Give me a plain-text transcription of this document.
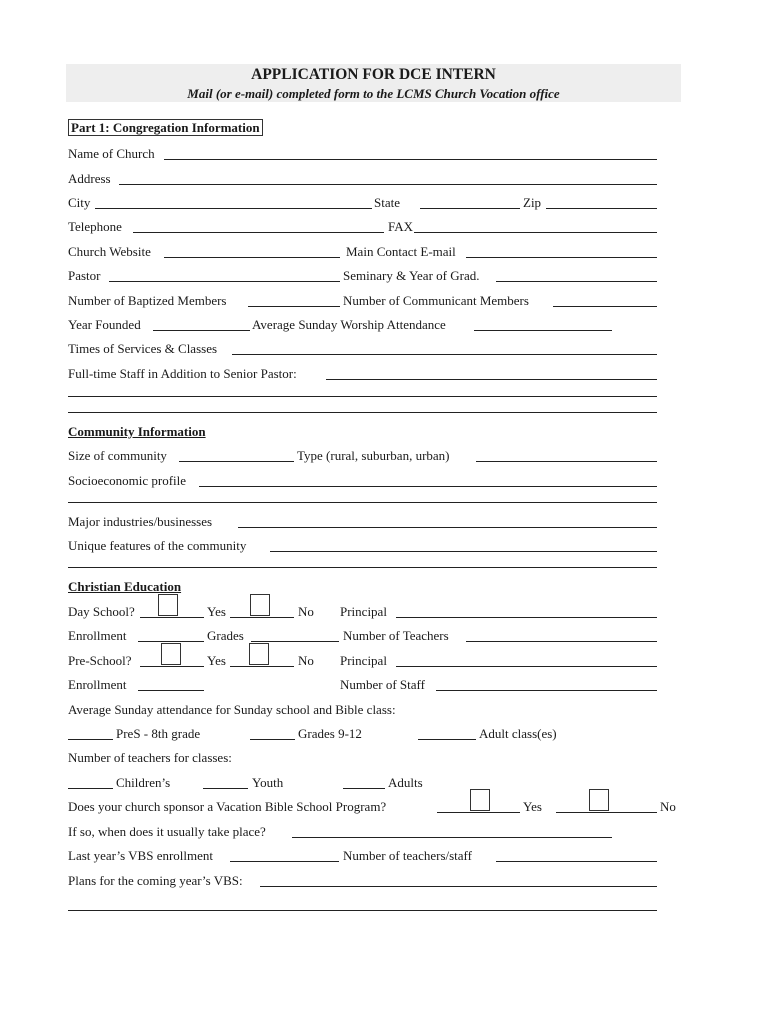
APPLICATION FOR DCE INTERN
Mail (or e-mail) completed form to the LCMS Church Vocation office
Part 1: Congregation Information
Name of Church
Address
City	State	Zip
Telephone	FAX
Church Website	Main Contact E-mail
Pastor	Seminary & Year of Grad.
Number of Baptized Members	Number of Communicant Members
Year Founded	Average Sunday Worship Attendance
Times of Services & Classes
Full-time Staff in Addition to Senior Pastor:
Community Information
Size of community	Type (rural, suburban, urban)
Socioeconomic profile
Major industries/businesses
Unique features of the community
Christian Education
Day School?	Yes	No Principal
Enrollment	Grades	Number of Teachers
Pre-School?	Yes	No Principal
Enrollment	Number of Staff
Average Sunday attendance for Sunday school and Bible class:
PreS - 8th grade	Grades 9-12	Adult class(es)
Number of teachers for classes:
Children’s	Youth	Adults
Does your church sponsor a Vacation Bible School Program?	Yes	No
If so, when does it usually take place?
Last year’s VBS enrollment	Number of teachers/staff
Plans for the coming year’s VBS:
